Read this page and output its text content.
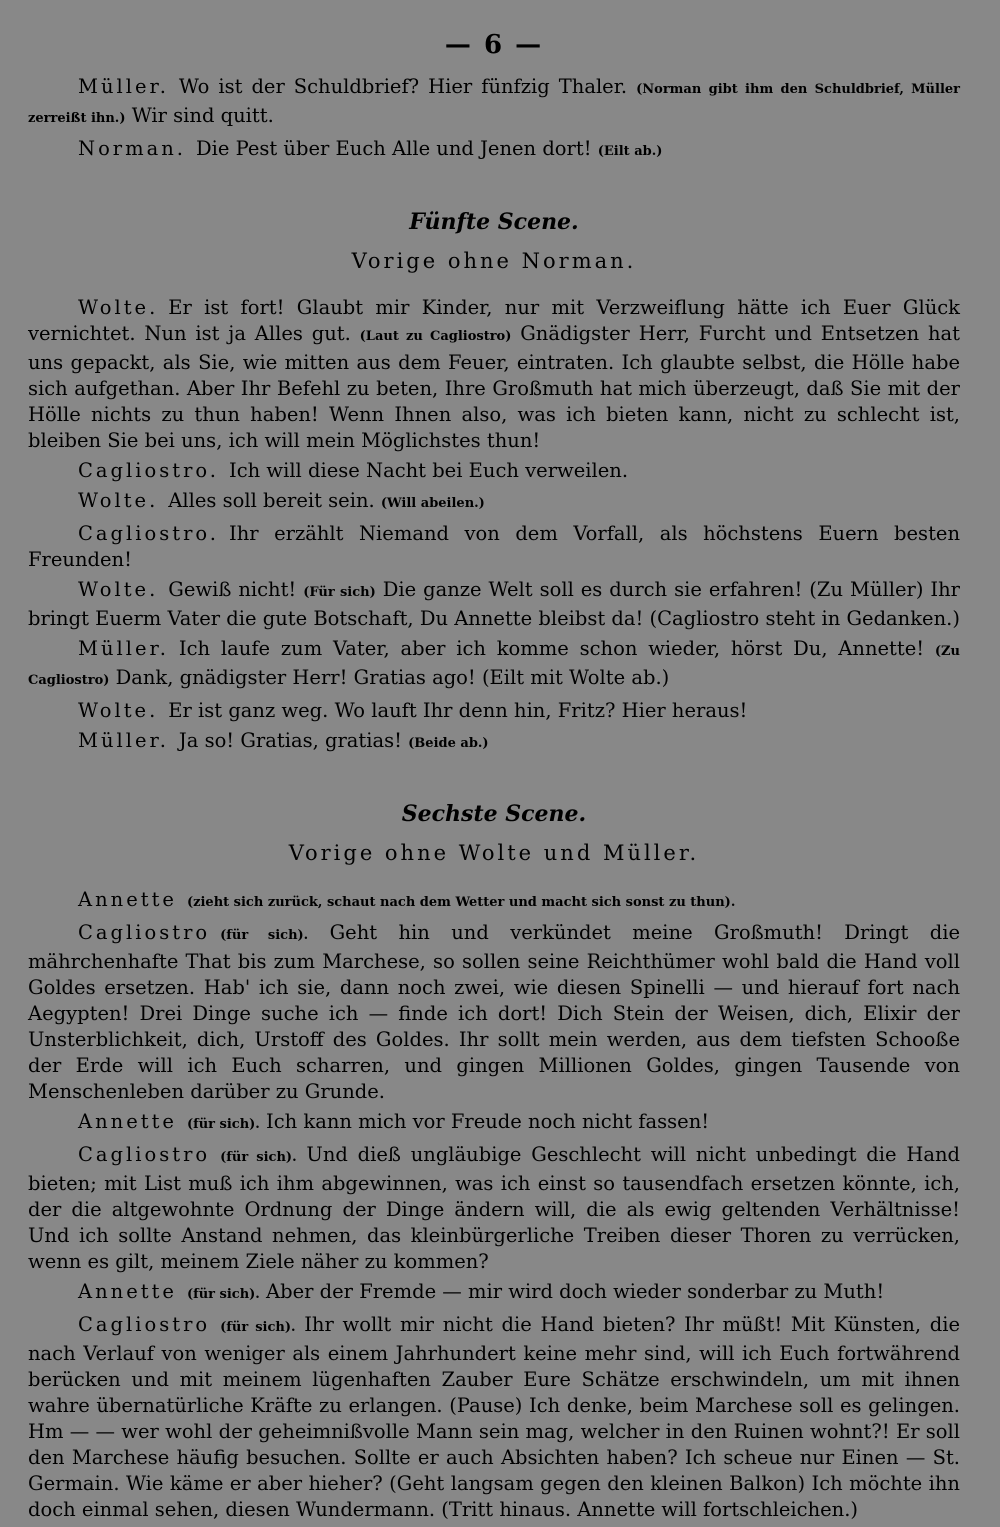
— 6 —
Müller. Wo ist der Schuldbrief? Hier fünfzig Thaler. (Norman gibt ihm den Schuldbrief, Müller zerreißt ihn.) Wir sind quitt.
Norman. Die Pest über Euch Alle und Jenen dort! (Eilt ab.)
Fünfte Scene.
Vorige ohne Norman.
Wolte. Er ist fort! Glaubt mir Kinder, nur mit Verzweiflung hätte ich Euer Glück vernichtet. Nun ist ja Alles gut. (Laut zu Cagliostro) Gnädigster Herr, Furcht und Entsetzen hat uns gepackt, als Sie, wie mitten aus dem Feuer, eintraten. Ich glaubte selbst, die Hölle habe sich aufgethan. Aber Ihr Befehl zu beten, Ihre Großmuth hat mich überzeugt, daß Sie mit der Hölle nichts zu thun haben! Wenn Ihnen also, was ich bieten kann, nicht zu schlecht ist, bleiben Sie bei uns, ich will mein Möglichstes thun!
Cagliostro. Ich will diese Nacht bei Euch verweilen.
Wolte. Alles soll bereit sein. (Will abeilen.)
Cagliostro. Ihr erzählt Niemand von dem Vorfall, als höchstens Euern besten Freunden!
Wolte. Gewiß nicht! (Für sich) Die ganze Welt soll es durch sie erfahren! (Zu Müller) Ihr bringt Euerm Vater die gute Botschaft, Du Annette bleibst da! (Cagliostro steht in Gedanken.)
Müller. Ich laufe zum Vater, aber ich komme schon wieder, hörst Du, Annette! (Zu Cagliostro) Dank, gnädigster Herr! Gratias ago! (Eilt mit Wolte ab.)
Wolte. Er ist ganz weg. Wo lauft Ihr denn hin, Fritz? Hier heraus!
Müller. Ja so! Gratias, gratias! (Beide ab.)
Sechste Scene.
Vorige ohne Wolte und Müller.
Annette (zieht sich zurück, schaut nach dem Wetter und macht sich sonst zu thun).
Cagliostro (für sich). Geht hin und verkündet meine Großmuth! Dringt die mährchenhafte That bis zum Marchese, so sollen seine Reichthümer wohl bald die Hand voll Goldes ersetzen. Hab' ich sie, dann noch zwei, wie diesen Spinelli — und hierauf fort nach Aegypten! Drei Dinge suche ich — finde ich dort! Dich Stein der Weisen, dich, Elixir der Unsterblichkeit, dich, Urstoff des Goldes. Ihr sollt mein werden, aus dem tiefsten Schooße der Erde will ich Euch scharren, und gingen Millionen Goldes, gingen Tausende von Menschenleben darüber zu Grunde.
Annette (für sich). Ich kann mich vor Freude noch nicht fassen!
Cagliostro (für sich). Und dieß ungläubige Geschlecht will nicht unbedingt die Hand bieten; mit List muß ich ihm abgewinnen, was ich einst so tausendfach ersetzen könnte, ich, der die altgewohnte Ordnung der Dinge ändern will, die als ewig geltenden Verhältnisse! Und ich sollte Anstand nehmen, das kleinbürgerliche Treiben dieser Thoren zu verrücken, wenn es gilt, meinem Ziele näher zu kommen?
Annette (für sich). Aber der Fremde — mir wird doch wieder sonderbar zu Muth!
Cagliostro (für sich). Ihr wollt mir nicht die Hand bieten? Ihr müßt! Mit Künsten, die nach Verlauf von weniger als einem Jahrhundert keine mehr sind, will ich Euch fortwährend berücken und mit meinem lügenhaften Zauber Eure Schätze erschwindeln, um mit ihnen wahre übernatürliche Kräfte zu erlangen. (Pause) Ich denke, beim Marchese soll es gelingen. Hm — — wer wohl der geheimnißvolle Mann sein mag, welcher in den Ruinen wohnt?! Er soll den Marchese häufig besuchen. Sollte er auch Absichten haben? Ich scheue nur Einen — St. Germain. Wie käme er aber hieher? (Geht langsam gegen den kleinen Balkon) Ich möchte ihn doch einmal sehen, diesen Wundermann. (Tritt hinaus. Annette will fortschleichen.)
